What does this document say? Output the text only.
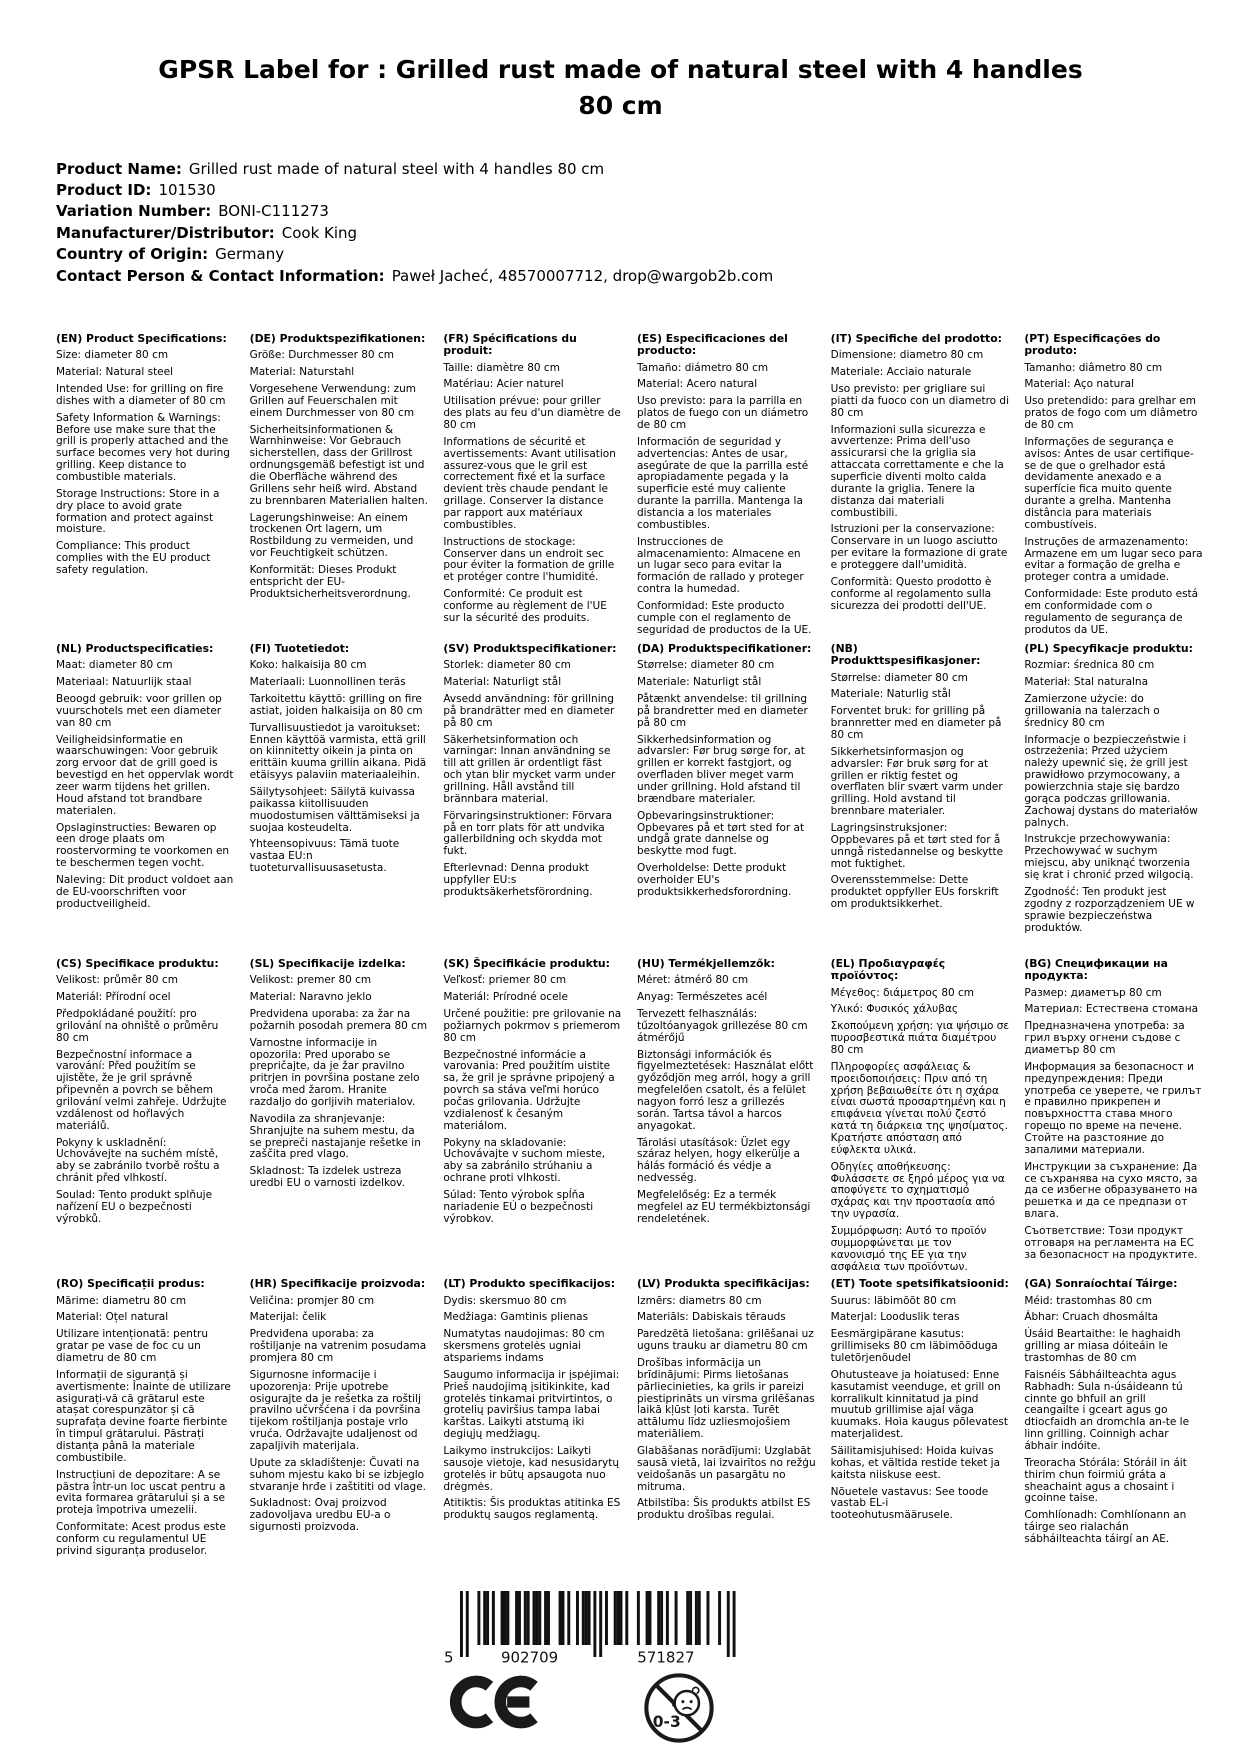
GPSR Label for : Grilled rust made of natural steel with 4 handles 80 cm
Product Name: Grilled rust made of natural steel with 4 handles 80 cm
Product ID: 101530
Variation Number: BONI-C111273
Manufacturer/Distributor: Cook King
Country of Origin: Germany
Contact Person & Contact Information: Paweł Jacheć, 48570007712, drop@wargob2b.com

(EN) Product Specifications:

Size: diameter 80 cm

Material: Natural steel

Intended Use: for grilling on fire dishes with a diameter of 80 cm

Safety Information & Warnings: Before use make sure that the grill is properly attached and the surface becomes very hot during grilling. Keep distance to combustible materials.

Storage Instructions: Store in a dry place to avoid grate formation and protect against moisture.

Compliance: This product complies with the EU product safety regulation.

(DE) Produktspezifikationen:

Größe: Durchmesser 80 cm

Material: Naturstahl

Vorgesehene Verwendung: zum Grillen auf Feuerschalen mit einem Durchmesser von 80 cm

Sicherheitsinformationen & Warnhinweise: Vor Gebrauch sicherstellen, dass der Grillrost ordnungsgemäß befestigt ist und die Oberfläche während des Grillens sehr heiß wird. Abstand zu brennbaren Materialien halten.

Lagerungshinweise: An einem trockenen Ort lagern, um Rostbildung zu vermeiden, und vor Feuchtigkeit schützen.

Konformität: Dieses Produkt entspricht der EU-Produktsicherheitsverordnung.

(FR) Spécifications du produit:

Taille: diamètre 80 cm

Matériau: Acier naturel

Utilisation prévue: pour griller des plats au feu d'un diamètre de 80 cm

Informations de sécurité et avertissements: Avant utilisation assurez-vous que le gril est correctement fixé et la surface devient très chaude pendant le grillage. Conserver la distance par rapport aux matériaux combustibles.

Instructions de stockage: Conserver dans un endroit sec pour éviter la formation de grille et protéger contre l'humidité.

Conformité: Ce produit est conforme au règlement de l'UE sur la sécurité des produits.

(ES) Especificaciones del producto:

Tamaño: diámetro 80 cm

Material: Acero natural

Uso previsto: para la parrilla en platos de fuego con un diámetro de 80 cm

Información de seguridad y advertencias: Antes de usar, asegúrate de que la parrilla esté apropiadamente pegada y la superficie esté muy caliente durante la parrilla. Mantenga la distancia a los materiales combustibles.

Instrucciones de almacenamiento: Almacene en un lugar seco para evitar la formación de rallado y proteger contra la humedad.

Conformidad: Este producto cumple con el reglamento de seguridad de productos de la UE.

(IT) Specifiche del prodotto:

Dimensione: diametro 80 cm

Materiale: Acciaio naturale

Uso previsto: per grigliare sui piatti da fuoco con un diametro di 80 cm

Informazioni sulla sicurezza e avvertenze: Prima dell'uso assicurarsi che la griglia sia attaccata correttamente e che la superficie diventi molto calda durante la griglia. Tenere la distanza dai materiali combustibili.

Istruzioni per la conservazione: Conservare in un luogo asciutto per evitare la formazione di grate e proteggere dall'umidità.

Conformità: Questo prodotto è conforme al regolamento sulla sicurezza dei prodotti dell'UE.

(PT) Especificações do produto:

Tamanho: diâmetro 80 cm

Material: Aço natural

Uso pretendido: para grelhar em pratos de fogo com um diâmetro de 80 cm

Informações de segurança e avisos: Antes de usar certifique-se de que o grelhador está devidamente anexado e a superfície fica muito quente durante a grelha. Mantenha distância para materiais combustíveis.

Instruções de armazenamento: Armazene em um lugar seco para evitar a formação de grelha e proteger contra a umidade.

Conformidade: Este produto está em conformidade com o regulamento de segurança de produtos da UE.

(NL) Productspecificaties:

Maat: diameter 80 cm

Materiaal: Natuurlijk staal

Beoogd gebruik: voor grillen op vuurschotels met een diameter van 80 cm

Veiligheidsinformatie en waarschuwingen: Voor gebruik zorg ervoor dat de grill goed is bevestigd en het oppervlak wordt zeer warm tijdens het grillen. Houd afstand tot brandbare materialen.

Opslaginstructies: Bewaren op een droge plaats om roostervorming te voorkomen en te beschermen tegen vocht.

Naleving: Dit product voldoet aan de EU-voorschriften voor productveiligheid.

(FI) Tuotetiedot:

Koko: halkaisija 80 cm

Materiaali: Luonnollinen teräs

Tarkoitettu käyttö: grilling on fire astiat, joiden halkaisija on 80 cm

Turvallisuustiedot ja varoitukset: Ennen käyttöä varmista, että grill on kiinnitetty oikein ja pinta on erittäin kuuma grillin aikana. Pidä etäisyys palaviin materiaaleihin.

Säilytysohjeet: Säilytä kuivassa paikassa kiitollisuuden muodostumisen välttämiseksi ja suojaa kosteudelta.

Yhteensopivuus: Tämä tuote vastaa EU:n tuoteturvallisuusasetusta.

(SV) Produktspecifikationer:

Storlek: diameter 80 cm

Material: Naturligt stål

Avsedd användning: för grillning på brandrätter med en diameter på 80 cm

Säkerhetsinformation och varningar: Innan användning se till att grillen är ordentligt fäst och ytan blir mycket varm under grillning. Håll avstånd till brännbara material.

Förvaringsinstruktioner: Förvara på en torr plats för att undvika gallerbildning och skydda mot fukt.

Efterlevnad: Denna produkt uppfyller EU:s produktsäkerhetsförordning.

(DA) Produktspecifikationer:

Størrelse: diameter 80 cm

Materiale: Naturligt stål

Påtænkt anvendelse: til grillning på brandretter med en diameter på 80 cm

Sikkerhedsinformation og advarsler: Før brug sørge for, at grillen er korrekt fastgjort, og overfladen bliver meget varm under grillning. Hold afstand til brændbare materialer.

Opbevaringsinstruktioner: Opbevares på et tørt sted for at undgå grate dannelse og beskytte mod fugt.

Overholdelse: Dette produkt overholder EU's produktsikkerhedsforordning.

(NB) Produkttspesifikasjoner:

Størrelse: diameter 80 cm

Materiale: Naturlig stål

Forventet bruk: for grilling på brannretter med en diameter på 80 cm

Sikkerhetsinformasjon og advarsler: Før bruk sørg for at grillen er riktig festet og overflaten blir svært varm under grilling. Hold avstand til brennbare materialer.

Lagringsinstruksjoner: Oppbevares på et tørt sted for å unngå ristedannelse og beskytte mot fuktighet.

Overensstemmelse: Dette produktet oppfyller EUs forskrift om produktsikkerhet.

(PL) Specyfikacje produktu:

Rozmiar: średnica 80 cm

Materiał: Stal naturalna

Zamierzone użycie: do grillowania na talerzach o średnicy 80 cm

Informacje o bezpieczeństwie i ostrzeżenia: Przed użyciem należy upewnić się, że grill jest prawidłowo przymocowany, a powierzchnia staje się bardzo gorąca podczas grillowania. Zachowaj dystans do materiałów palnych.

Instrukcje przechowywania: Przechowywać w suchym miejscu, aby uniknąć tworzenia się krat i chronić przed wilgocią.

Zgodność: Ten produkt jest zgodny z rozporządzeniem UE w sprawie bezpieczeństwa produktów.

(CS) Specifikace produktu:

Velikost: průměr 80 cm

Materiál: Přírodní ocel

Předpokládané použití: pro grilování na ohniště o průměru 80 cm

Bezpečnostní informace a varování: Před použitím se ujistěte, že je gril správně připevněn a povrch se během grilování velmi zahřeje. Udržujte vzdálenost od hořlavých materiálů.

Pokyny k uskladnění: Uchovávejte na suchém místě, aby se zabránilo tvorbě roštu a chránit před vlhkostí.

Soulad: Tento produkt splňuje nařízení EU o bezpečnosti výrobků.

(SL) Specifikacije izdelka:

Velikost: premer 80 cm

Material: Naravno jeklo

Predvidena uporaba: za žar na požarnih posodah premera 80 cm

Varnostne informacije in opozorila: Pred uporabo se prepričajte, da je žar pravilno pritrjen in površina postane zelo vroča med žarom. Hranite razdaljo do gorljivih materialov.

Navodila za shranjevanje: Shranjujte na suhem mestu, da se prepreči nastajanje rešetke in zaščita pred vlago.

Skladnost: Ta izdelek ustreza uredbi EU o varnosti izdelkov.

(SK) Špecifikácie produktu:

Veľkosť: priemer 80 cm

Materiál: Prírodné ocele

Určené použitie: pre grilovanie na požiarnych pokrmov s priemerom 80 cm

Bezpečnostné informácie a varovania: Pred použitím uistite sa, že gril je správne pripojený a povrch sa stáva veľmi horúco počas grilovania. Udržujte vzdialenosť k česaným materiálom.

Pokyny na skladovanie: Uchovávajte v suchom mieste, aby sa zabránilo strúhaniu a ochrane proti vlhkosti.

Súlad: Tento výrobok spĺňa nariadenie EÚ o bezpečnosti výrobkov.

(HU) Termékjellemzők:

Méret: átmérő 80 cm

Anyag: Természetes acél

Tervezett felhasználás: tűzoltóanyagok grillezése 80 cm átmérőjű

Biztonsági információk és figyelmeztetések: Használat előtt győződjön meg arról, hogy a grill megfelelően csatolt, és a felület nagyon forró lesz a grillezés során. Tartsa távol a harcos anyagokat.

Tárolási utasítások: Üzlet egy száraz helyen, hogy elkerülje a hálás formáció és védje a nedvesség.

Megfelelőség: Ez a termék megfelel az EU termékbiztonsági rendeletének.

(EL) Προδιαγραφές προϊόντος:

Μέγεθος: διάμετρος 80 cm

Υλικό: Φυσικός χάλυβας

Σκοπούμενη χρήση: για ψήσιμο σε πυροσβεστικά πιάτα διαμέτρου 80 cm

Πληροφορίες ασφάλειας & προειδοποιήσεις: Πριν από τη χρήση βεβαιωθείτε ότι η σχάρα είναι σωστά προσαρτημένη και η επιφάνεια γίνεται πολύ ζεστό κατά τη διάρκεια της ψησίματος. Κρατήστε απόσταση από εύφλεκτα υλικά.

Οδηγίες αποθήκευσης: Φυλάσσετε σε ξηρό μέρος για να αποφύγετε το σχηματισμό σχάρας και την προστασία από την υγρασία.

Συμμόρφωση: Αυτό το προϊόν συμμορφώνεται με τον κανονισμό της ΕΕ για την ασφάλεια των προϊόντων.

(BG) Спецификации на продукта:

Размер: диаметър 80 cm

Материал: Естествена стомана

Предназначена употреба: за грил върху огнени съдове с диаметър 80 cm

Информация за безопасност и предупреждения: Преди употреба се уверете, че грилът е правилно прикрепен и повърхността става много горещо по време на печене. Стойте на разстояние до запалими материали.

Инструкции за съхранение: Да се съхранява на сухо място, за да се избегне образуването на решетка и да се предпази от влага.

Съответствие: Този продукт отговаря на регламента на ЕС за безопасност на продуктите.

(RO) Specificații produs:

Mărime: diametru 80 cm

Material: Oțel natural

Utilizare intenționată: pentru gratar pe vase de foc cu un diametru de 80 cm

Informații de siguranță și avertismente: Înainte de utilizare asigurați-vă că grătarul este atașat corespunzător și că suprafața devine foarte fierbinte în timpul grătarului. Păstrați distanța până la materiale combustibile.

Instrucțiuni de depozitare: A se păstra într-un loc uscat pentru a evita formarea grătarului și a se proteja împotriva umezelii.

Conformitate: Acest produs este conform cu regulamentul UE privind siguranța produselor.

(HR) Specifikacije proizvoda:

Veličina: promjer 80 cm

Materijal: čelik

Predviđena uporaba: za roštiljanje na vatrenim posudama promjera 80 cm

Sigurnosne informacije i upozorenja: Prije upotrebe osigurajte da je rešetka za roštilj pravilno učvršćena i da površina tijekom roštiljanja postaje vrlo vruća. Održavajte udaljenost od zapaljivih materijala.

Upute za skladištenje: Čuvati na suhom mjestu kako bi se izbjeglo stvaranje hrđe i zaštititi od vlage.

Sukladnost: Ovaj proizvod zadovoljava uredbu EU-a o sigurnosti proizvoda.

(LT) Produkto specifikacijos:

Dydis: skersmuo 80 cm

Medžiaga: Gamtinis plienas

Numatytas naudojimas: 80 cm skersmens grotelės ugniai atspariems indams

Saugumo informacija ir įspėjimai: Prieš naudojimą įsitikinkite, kad grotelės tinkamai pritvirtintos, o grotelių paviršius tampa labai karštas. Laikyti atstumą iki degiųjų medžiagų.

Laikymo instrukcijos: Laikyti sausoje vietoje, kad nesusidarytų grotelės ir būtų apsaugota nuo drėgmės.

Atitiktis: Šis produktas atitinka ES produktų saugos reglamentą.

(LV) Produkta specifikācijas:

Izmērs: diametrs 80 cm

Materiāls: Dabiskais tērauds

Paredzētā lietošana: grilēšanai uz uguns trauku ar diametru 80 cm

Drošības informācija un brīdinājumi: Pirms lietošanas pārliecinieties, ka grils ir pareizi piestiprināts un virsma grilēšanas laikā kļūst ļoti karsta. Turēt attālumu līdz uzliesmojošiem materiāliem.

Glabāšanas norādījumi: Uzglabāt sausā vietā, lai izvairītos no režģu veidošanās un pasargātu no mitruma.

Atbilstība: Šis produkts atbilst ES produktu drošības regulai.

(ET) Toote spetsifikatsioonid:

Suurus: läbimõõt 80 cm

Materjal: Looduslik teras

Eesmärgipärane kasutus: grillimiseks 80 cm läbimõõduga tuletõrjenõudel

Ohutusteave ja hoiatused: Enne kasutamist veenduge, et grill on korralikult kinnitatud ja pind muutub grillimise ajal väga kuumaks. Hoia kaugus põlevatest materjalidest.

Säilitamisjuhised: Hoida kuivas kohas, et vältida restide teket ja kaitsta niiskuse eest.

Nõuetele vastavus: See toode vastab EL-i tooteohutusmäärusele.

(GA) Sonraíochtaí Táirge:

Méid: trastomhas 80 cm

Ábhar: Cruach dhosmálta

Úsáid Beartaithe: le haghaidh grilling ar miasa dóiteáin le trastomhas de 80 cm

Faisnéis Sábháilteachta agus Rabhadh: Sula n-úsáideann tú cinnte go bhfuil an grill ceangailte i gceart agus go dtiocfaidh an dromchla an-te le linn grilling. Coinnigh achar ábhair indóite.

Treoracha Stórála: Stóráil in áit thirim chun foirmiú gráta a sheachaint agus a chosaint i gcoinne taise.

Comhlíonadh: Comhlíonann an táirge seo rialachán sábháilteachta táirgí an AE.

5	902709	571827
0-3
